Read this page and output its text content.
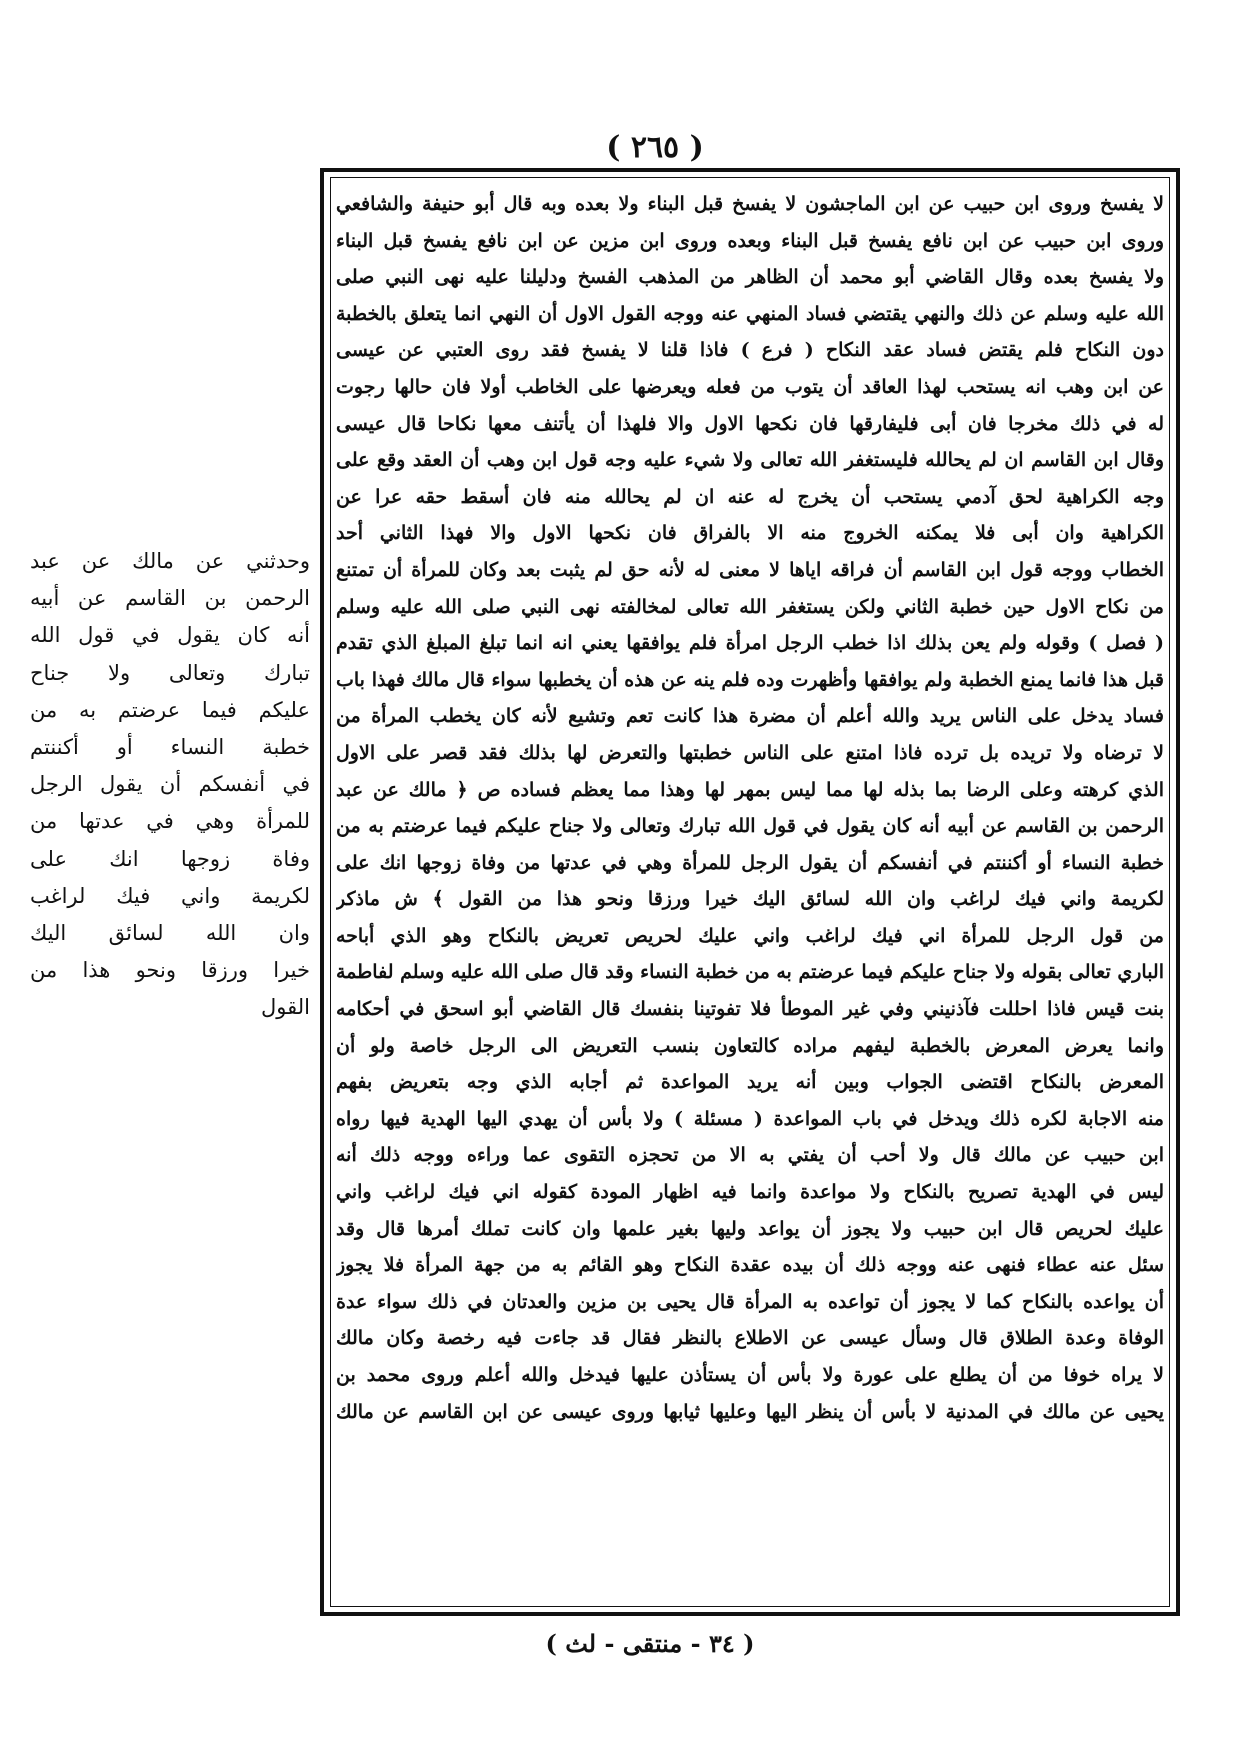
( ٢٦٥ )
لا يفسخ وروى ابن حبيب عن ابن الماجشون لا يفسخ قبل البناء ولا بعده وبه قال أبو حنيفة والشافعي
وروى ابن حبيب عن ابن نافع يفسخ قبل البناء وبعده وروى ابن مزين عن ابن نافع يفسخ قبل البناء
ولا يفسخ بعده وقال القاضي أبو محمد أن الظاهر من المذهب الفسخ ودليلنا عليه نهى النبي صلى
الله عليه وسلم عن ذلك والنهي يقتضي فساد المنهي عنه ووجه القول الاول أن النهي انما يتعلق بالخطبة
دون النكاح فلم يقتض فساد عقد النكاح ( فرع ) فاذا قلنا لا يفسخ فقد روى العتبي عن عيسى
عن ابن وهب انه يستحب لهذا العاقد أن يتوب من فعله ويعرضها على الخاطب أولا فان حالها رجوت
له في ذلك مخرجا فان أبى فليفارقها فان نكحها الاول والا فلهذا أن يأتنف معها نكاحا قال عيسى
وقال ابن القاسم ان لم يحالله فليستغفر الله تعالى ولا شيء عليه وجه قول ابن وهب أن العقد وقع على
وجه الكراهية لحق آدمي يستحب أن يخرج له عنه ان لم يحالله منه فان أسقط حقه عرا عن
الكراهية وان أبى فلا يمكنه الخروج منه الا بالفراق فان نكحها الاول والا فهذا الثاني أحد
الخطاب ووجه قول ابن القاسم أن فراقه اياها لا معنى له لأنه حق لم يثبت بعد وكان للمرأة أن تمتنع
من نكاح الاول حين خطبة الثاني ولكن يستغفر الله تعالى لمخالفته نهى النبي صلى الله عليه وسلم
( فصل ) وقوله ولم يعن بذلك اذا خطب الرجل امرأة فلم يوافقها يعني انه انما تبلغ المبلغ الذي تقدم
قبل هذا فانما يمنع الخطبة ولم يوافقها وأظهرت وده فلم ينه عن هذه أن يخطبها سواء قال مالك فهذا باب
فساد يدخل على الناس يريد والله أعلم أن مضرة هذا كانت تعم وتشيع لأنه كان يخطب المرأة من
لا ترضاه ولا تريده بل ترده فاذا امتنع على الناس خطبتها والتعرض لها بذلك فقد قصر على الاول
الذي كرهته وعلى الرضا بما بذله لها مما ليس بمهر لها وهذا مما يعظم فساده ص ﴿ مالك عن عبد
الرحمن بن القاسم عن أبيه أنه كان يقول في قول الله تبارك وتعالى ولا جناح عليكم فيما عرضتم به من
خطبة النساء أو أكننتم في أنفسكم أن يقول الرجل للمرأة وهي في عدتها من وفاة زوجها انك على
لكريمة واني فيك لراغب وان الله لسائق اليك خيرا ورزقا ونحو هذا من القول ﴾ ش ماذكر
من قول الرجل للمرأة اني فيك لراغب واني عليك لحريص تعريض بالنكاح وهو الذي أباحه
الباري تعالى بقوله ولا جناح عليكم فيما عرضتم به من خطبة النساء وقد قال صلى الله عليه وسلم لفاطمة
بنت قيس فاذا احللت فآذنيني وفي غير الموطأ فلا تفوتينا بنفسك قال القاضي أبو اسحق في أحكامه
وانما يعرض المعرض بالخطبة ليفهم مراده كالتعاون بنسب التعريض الى الرجل خاصة ولو أن
المعرض بالنكاح اقتضى الجواب وبين أنه يريد المواعدة ثم أجابه الذي وجه بتعريض بفهم
منه الاجابة لكره ذلك ويدخل في باب المواعدة ( مسئلة ) ولا بأس أن يهدي اليها الهدية فيها رواه
ابن حبيب عن مالك قال ولا أحب أن يفتي به الا من تحجزه التقوى عما وراءه ووجه ذلك أنه
ليس في الهدية تصريح بالنكاح ولا مواعدة وانما فيه اظهار المودة كقوله اني فيك لراغب واني
عليك لحريص قال ابن حبيب ولا يجوز أن يواعد وليها بغير علمها وان كانت تملك أمرها قال وقد
سئل عنه عطاء فنهى عنه ووجه ذلك أن بيده عقدة النكاح وهو القائم به من جهة المرأة فلا يجوز
أن يواعده بالنكاح كما لا يجوز أن تواعده به المرأة قال يحيى بن مزين والعدتان في ذلك سواء عدة
الوفاة وعدة الطلاق قال وسأل عيسى عن الاطلاع بالنظر فقال قد جاءت فيه رخصة وكان مالك
لا يراه خوفا من أن يطلع على عورة ولا بأس أن يستأذن عليها فيدخل والله أعلم وروى محمد بن
يحيى عن مالك في المدنية لا بأس أن ينظر اليها وعليها ثيابها وروى عيسى عن ابن القاسم عن مالك
وحدثني عن مالك عن عبد
الرحمن بن القاسم عن أبيه
أنه كان يقول في قول الله
تبارك وتعالى ولا جناح
عليكم فيما عرضتم به من
خطبة النساء أو أكننتم
في أنفسكم أن يقول الرجل
للمرأة وهي في عدتها من
وفاة زوجها انك على
لكريمة واني فيك لراغب
وان الله لسائق اليك
خيرا ورزقا ونحو هذا من
القول
( ٣٤ - منتقى - لث )
